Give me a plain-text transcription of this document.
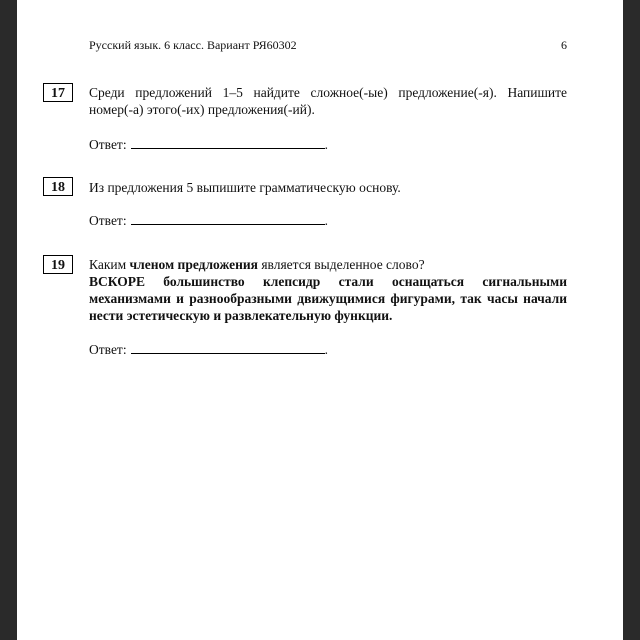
Русский язык. 6 класс. Вариант РЯ60302	6
17	Среди предложений 1–5 найдите сложное(-ые) предложение(-я). Напишите номер(-а) этого(-их) предложения(-ий).
Ответ:	.
18	Из предложения 5 выпишите грамматическую основу.
Ответ:	.
19	Каким членом предложения является выделенное слово?
ВСКОРЕ большинство клепсидр стали оснащаться сигнальными механизмами и разнообразными движущимися фигурами, так часы начали нести эстетическую и развлекательную функции.
Ответ:	.
